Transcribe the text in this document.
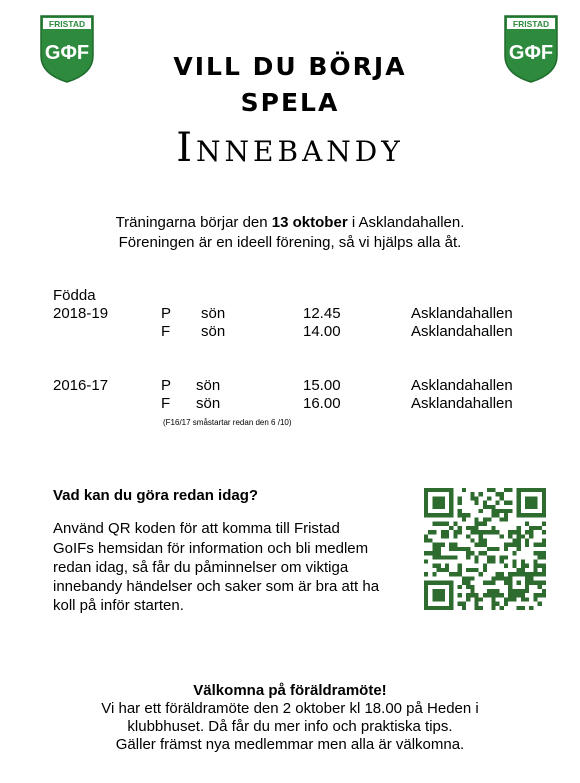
FRISTAD
GΦF
FRISTAD
GΦF
VILL DU BÖRJA
SPELA
Innebandy
Träningarna börjar den 13 oktober i Asklandahallen.
Föreningen är en ideell förening, så vi hjälps alla åt.
Födda
2018-19	P sön	12.45	Asklandahallen
F sön	14.00	Asklandahallen
2016-17	P sön	15.00	Asklandahallen
F sön	16.00	Asklandahallen
(F16/17 småstartar redan den 6 /10)
Vad kan du göra redan idag?
Använd QR koden för att komma till Fristad
GoIFs hemsidan för information och bli medlem
redan idag, så får du påminnelser om viktiga
innebandy händelser och saker som är bra att ha
koll på inför starten.
Välkomna på föräldramöte!
Vi har ett föräldramöte den 2 oktober kl 18.00 på Heden i
klubbhuset. Då får du mer info och praktiska tips.
Gäller främst nya medlemmar men alla är välkomna.
